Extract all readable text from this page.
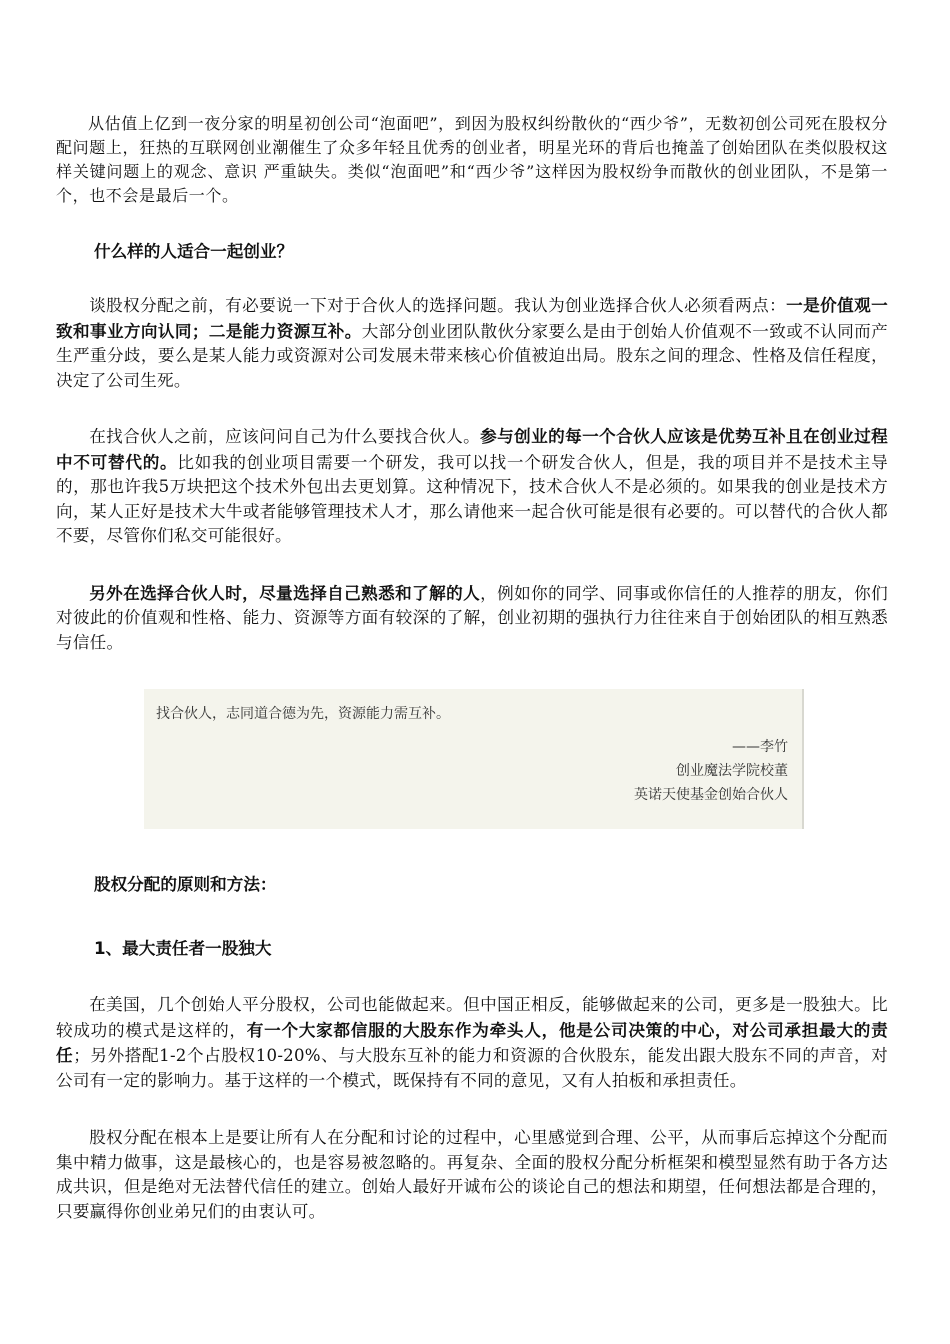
从估值上亿到一夜分家的明星初创公司“泡面吧”，到因为股权纠纷散伙的“西少爷”，无数初创公司死在股权分配问题上，狂热的互联网创业潮催生了众多年轻且优秀的创业者，明星光环的背后也掩盖了创始团队在类似股权这样关键问题上的观念、意识 严重缺失。类似“泡面吧”和“西少爷”这样因为股权纷争而散伙的创业团队，不是第一个，也不会是最后一个。

什么样的人适合一起创业？

谈股权分配之前，有必要说一下对于合伙人的选择问题。我认为创业选择合伙人必须看两点：一是价值观一致和事业方向认同；二是能力资源互补。大部分创业团队散伙分家要么是由于创始人价值观不一致或不认同而产生严重分歧，要么是某人能力或资源对公司发展未带来核心价值被迫出局。股东之间的理念、性格及信任程度，决定了公司生死。

在找合伙人之前，应该问问自己为什么要找合伙人。参与创业的每一个合伙人应该是优势互补且在创业过程中不可替代的。比如我的创业项目需要一个研发，我可以找一个研发合伙人，但是，我的项目并不是技术主导的，那也许我5万块把这个技术外包出去更划算。这种情况下，技术合伙人不是必须的。如果我的创业是技术方向，某人正好是技术大牛或者能够管理技术人才，那么请他来一起合伙可能是很有必要的。可以替代的合伙人都不要，尽管你们私交可能很好。

另外在选择合伙人时，尽量选择自己熟悉和了解的人，例如你的同学、同事或你信任的人推荐的朋友，你们对彼此的价值观和性格、能力、资源等方面有较深的了解，创业初期的强执行力往往来自于创始团队的相互熟悉与信任。

找合伙人，志同道合德为先，资源能力需互补。
——李竹
创业魔法学院校董
英诺天使基金创始合伙人

股权分配的原则和方法：

1、最大责任者一股独大

在美国，几个创始人平分股权，公司也能做起来。但中国正相反，能够做起来的公司，更多是一股独大。比较成功的模式是这样的，有一个大家都信服的大股东作为牵头人，他是公司决策的中心，对公司承担最大的责任；另外搭配1-2个占股权10-20%、与大股东互补的能力和资源的合伙股东，能发出跟大股东不同的声音，对公司有一定的影响力。基于这样的一个模式，既保持有不同的意见，又有人拍板和承担责任。

股权分配在根本上是要让所有人在分配和讨论的过程中，心里感觉到合理、公平，从而事后忘掉这个分配而集中精力做事，这是最核心的，也是容易被忽略的。再复杂、全面的股权分配分析框架和模型显然有助于各方达成共识，但是绝对无法替代信任的建立。创始人最好开诚布公的谈论自己的想法和期望，任何想法都是合理的，只要赢得你创业弟兄们的由衷认可。
